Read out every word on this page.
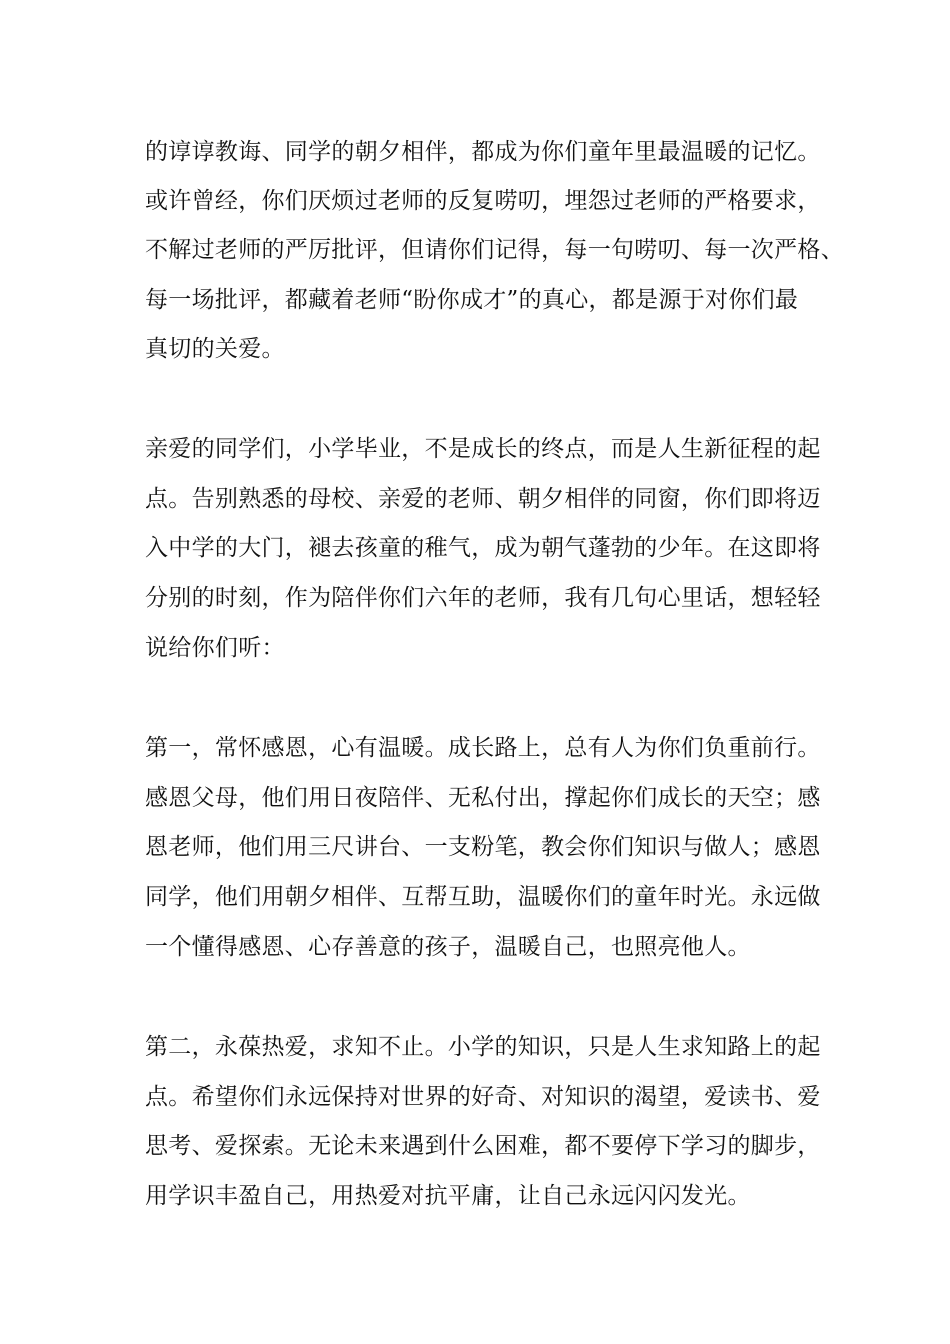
的谆谆教诲、同学的朝夕相伴，都成为你们童年里最温暖的记忆。
或许曾经，你们厌烦过老师的反复唠叨，埋怨过老师的严格要求，
不解过老师的严厉批评，但请你们记得，每一句唠叨、每一次严格、
每一场批评，都藏着老师“盼你成才”的真心，都是源于对你们最
真切的关爱。
亲爱的同学们，小学毕业，不是成长的终点，而是人生新征程的起
点。告别熟悉的母校、亲爱的老师、朝夕相伴的同窗，你们即将迈
入中学的大门，褪去孩童的稚气，成为朝气蓬勃的少年。在这即将
分别的时刻，作为陪伴你们六年的老师，我有几句心里话，想轻轻
说给你们听：
第一，常怀感恩，心有温暖。成长路上，总有人为你们负重前行。
感恩父母，他们用日夜陪伴、无私付出，撑起你们成长的天空；感
恩老师，他们用三尺讲台、一支粉笔，教会你们知识与做人；感恩
同学，他们用朝夕相伴、互帮互助，温暖你们的童年时光。永远做
一个懂得感恩、心存善意的孩子，温暖自己，也照亮他人。
第二，永葆热爱，求知不止。小学的知识，只是人生求知路上的起
点。希望你们永远保持对世界的好奇、对知识的渴望，爱读书、爱
思考、爱探索。无论未来遇到什么困难，都不要停下学习的脚步，
用学识丰盈自己，用热爱对抗平庸，让自己永远闪闪发光。
